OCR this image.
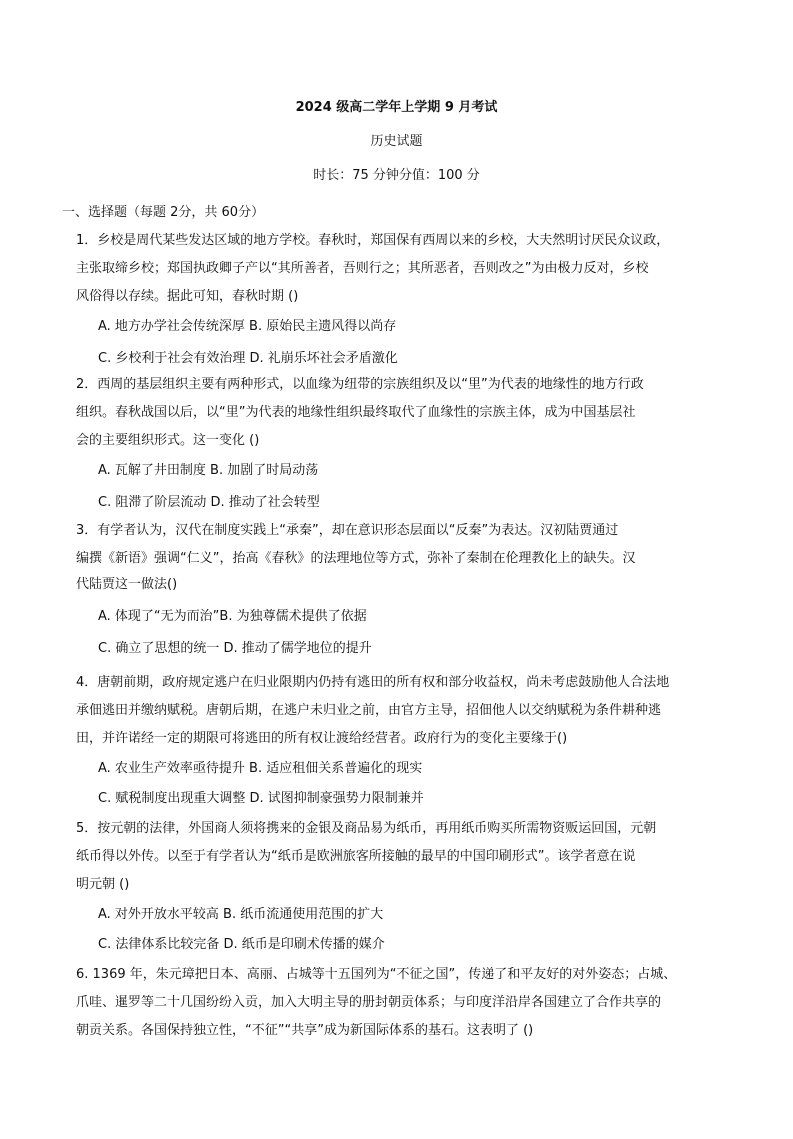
2024 级高二学年上学期 9 月考试
历史试题
时长：75 分钟分值：100 分
一、选择题（每题 2分，共 60分）
1．乡校是周代某些发达区域的地方学校。春秋时，郑国保有西周以来的乡校，大夫然明讨厌民众议政，
主张取缔乡校；郑国执政卿子产以“其所善者，吾则行之；其所恶者，吾则改之”为由极力反对，乡校
风俗得以存续。据此可知，春秋时期 ()
A. 地方办学社会传统深厚 B. 原始民主遗风得以尚存
C. 乡校利于社会有效治理 D. 礼崩乐坏社会矛盾激化
2．西周的基层组织主要有两种形式，以血缘为纽带的宗族组织及以“里”为代表的地缘性的地方行政
组织。春秋战国以后，以“里”为代表的地缘性组织最终取代了血缘性的宗族主体，成为中国基层社
会的主要组织形式。这一变化 ()
A. 瓦解了井田制度 B. 加剧了时局动荡
C. 阻滞了阶层流动 D. 推动了社会转型
3．有学者认为，汉代在制度实践上“承秦”，却在意识形态层面以“反秦”为表达。汉初陆贾通过
编撰《新语》强调“仁义”，抬高《春秋》的法理地位等方式，弥补了秦制在伦理教化上的缺失。汉
代陆贾这一做法()
A. 体现了“无为而治”B. 为独尊儒术提供了依据
C. 确立了思想的统一 D. 推动了儒学地位的提升
4．唐朝前期，政府规定逃户在归业限期内仍持有逃田的所有权和部分收益权，尚未考虑鼓励他人合法地
承佃逃田并缴纳赋税。唐朝后期，在逃户未归业之前，由官方主导，招佃他人以交纳赋税为条件耕种逃
田，并许诺经一定的期限可将逃田的所有权让渡给经营者。政府行为的变化主要缘于()
A. 农业生产效率亟待提升 B. 适应租佃关系普遍化的现实
C. 赋税制度出现重大调整 D. 试图抑制豪强势力限制兼并
5．按元朝的法律，外国商人须将携来的金银及商品易为纸币，再用纸币购买所需物资贩运回国，元朝
纸币得以外传。以至于有学者认为“纸币是欧洲旅客所接触的最早的中国印刷形式”。该学者意在说
明元朝 ()
A. 对外开放水平较高 B. 纸币流通使用范围的扩大
C. 法律体系比较完备 D. 纸币是印刷术传播的媒介
6. 1369 年，朱元璋把日本、高丽、占城等十五国列为“不征之国”，传递了和平友好的对外姿态；占城、
爪哇、暹罗等二十几国纷纷入贡，加入大明主导的册封朝贡体系；与印度洋沿岸各国建立了合作共享的
朝贡关系。各国保持独立性，“不征”“共享”成为新国际体系的基石。这表明了 ()
